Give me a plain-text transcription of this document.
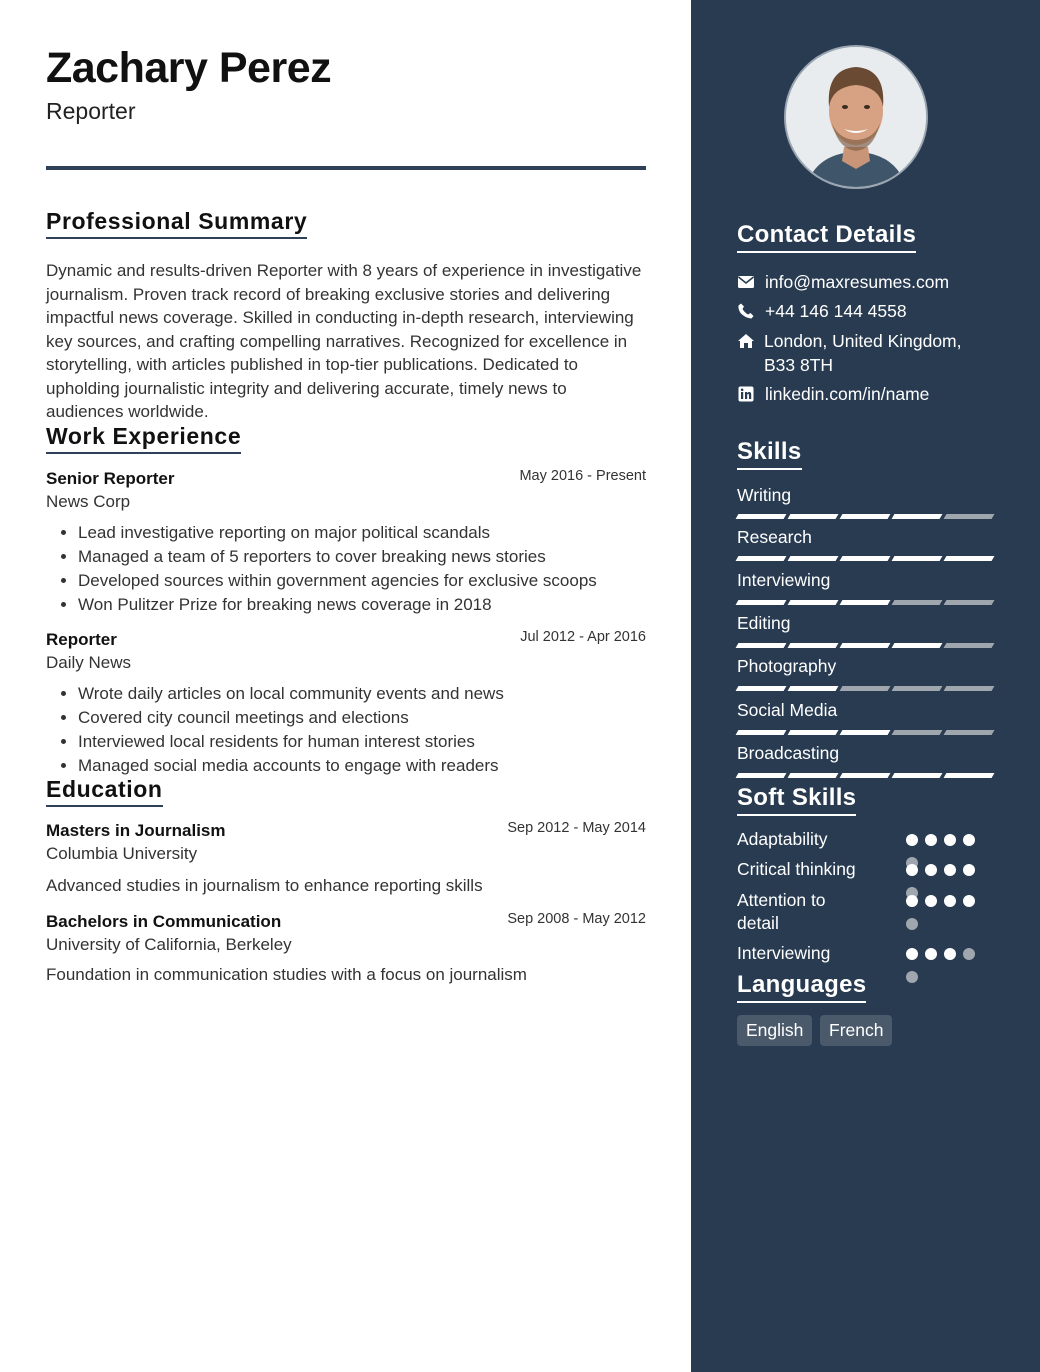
Zachary Perez
Reporter
Professional Summary

Dynamic and results-driven Reporter with 8 years of experience in investigative journalism. Proven track record of breaking exclusive stories and delivering impactful news coverage. Skilled in conducting in-depth research, interviewing key sources, and crafting compelling narratives. Recognized for excellence in storytelling, with articles published in top-tier publications. Dedicated to upholding journalistic integrity and delivering accurate, timely news to audiences worldwide.

Work Experience
Senior Reporter	May 2016 - Present
News Corp
• Lead investigative reporting on major political scandals
• Managed a team of 5 reporters to cover breaking news stories
• Developed sources within government agencies for exclusive scoops
• Won Pulitzer Prize for breaking news coverage in 2018
Reporter	Jul 2012 - Apr 2016
Daily News
• Wrote daily articles on local community events and news
• Covered city council meetings and elections
• Interviewed local residents for human interest stories
• Managed social media accounts to engage with readers
Education
Masters in Journalism	Sep 2012 - May 2014
Columbia University
Advanced studies in journalism to enhance reporting skills
Bachelors in Communication	Sep 2008 - May 2012
University of California, Berkeley
Foundation in communication studies with a focus on journalism
Contact Details
info@maxresumes.com
+44 146 144 4558
London, United Kingdom,
B33 8TH
linkedin.com/in/name
Skills
Writing
Research
Interviewing
Editing
Photography
Social Media
Broadcasting
Soft Skills
Adaptability
Critical thinking
Attention to detail
Interviewing
Languages
English	French
